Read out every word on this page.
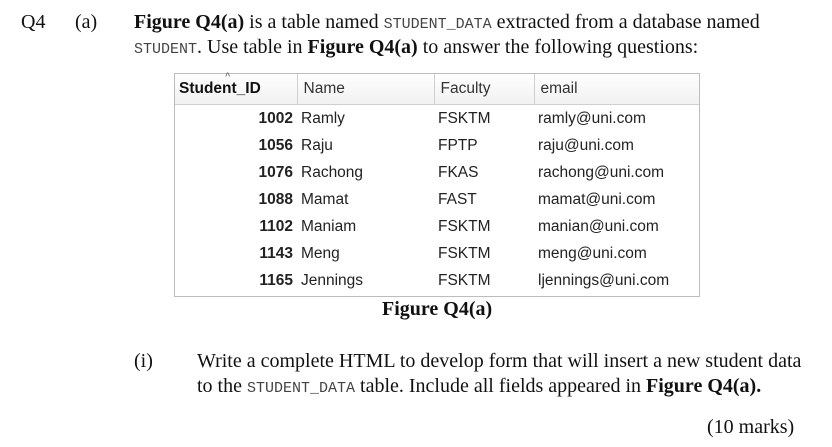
Q4 (a) Figure Q4(a) is a table named STUDENT_DATA extracted from a database named
STUDENT. Use table in Figure Q4(a) to answer the following questions:
^
Student_ID	Name	Faculty	email
1002	Ramly	FSKTM	ramly@uni.com
1056	Raju	FPTP	raju@uni.com
1076	Rachong	FKAS	rachong@uni.com
1088	Mamat	FAST	mamat@uni.com
1102	Maniam	FSKTM	manian@uni.com
1143	Meng	FSKTM	meng@uni.com
1165	Jennings	FSKTM	ljennings@uni.com
Figure Q4(a)
(i) Write a complete HTML to develop form that will insert a new student data
to the STUDENT_DATA table. Include all fields appeared in Figure Q4(a).
(10 marks)
